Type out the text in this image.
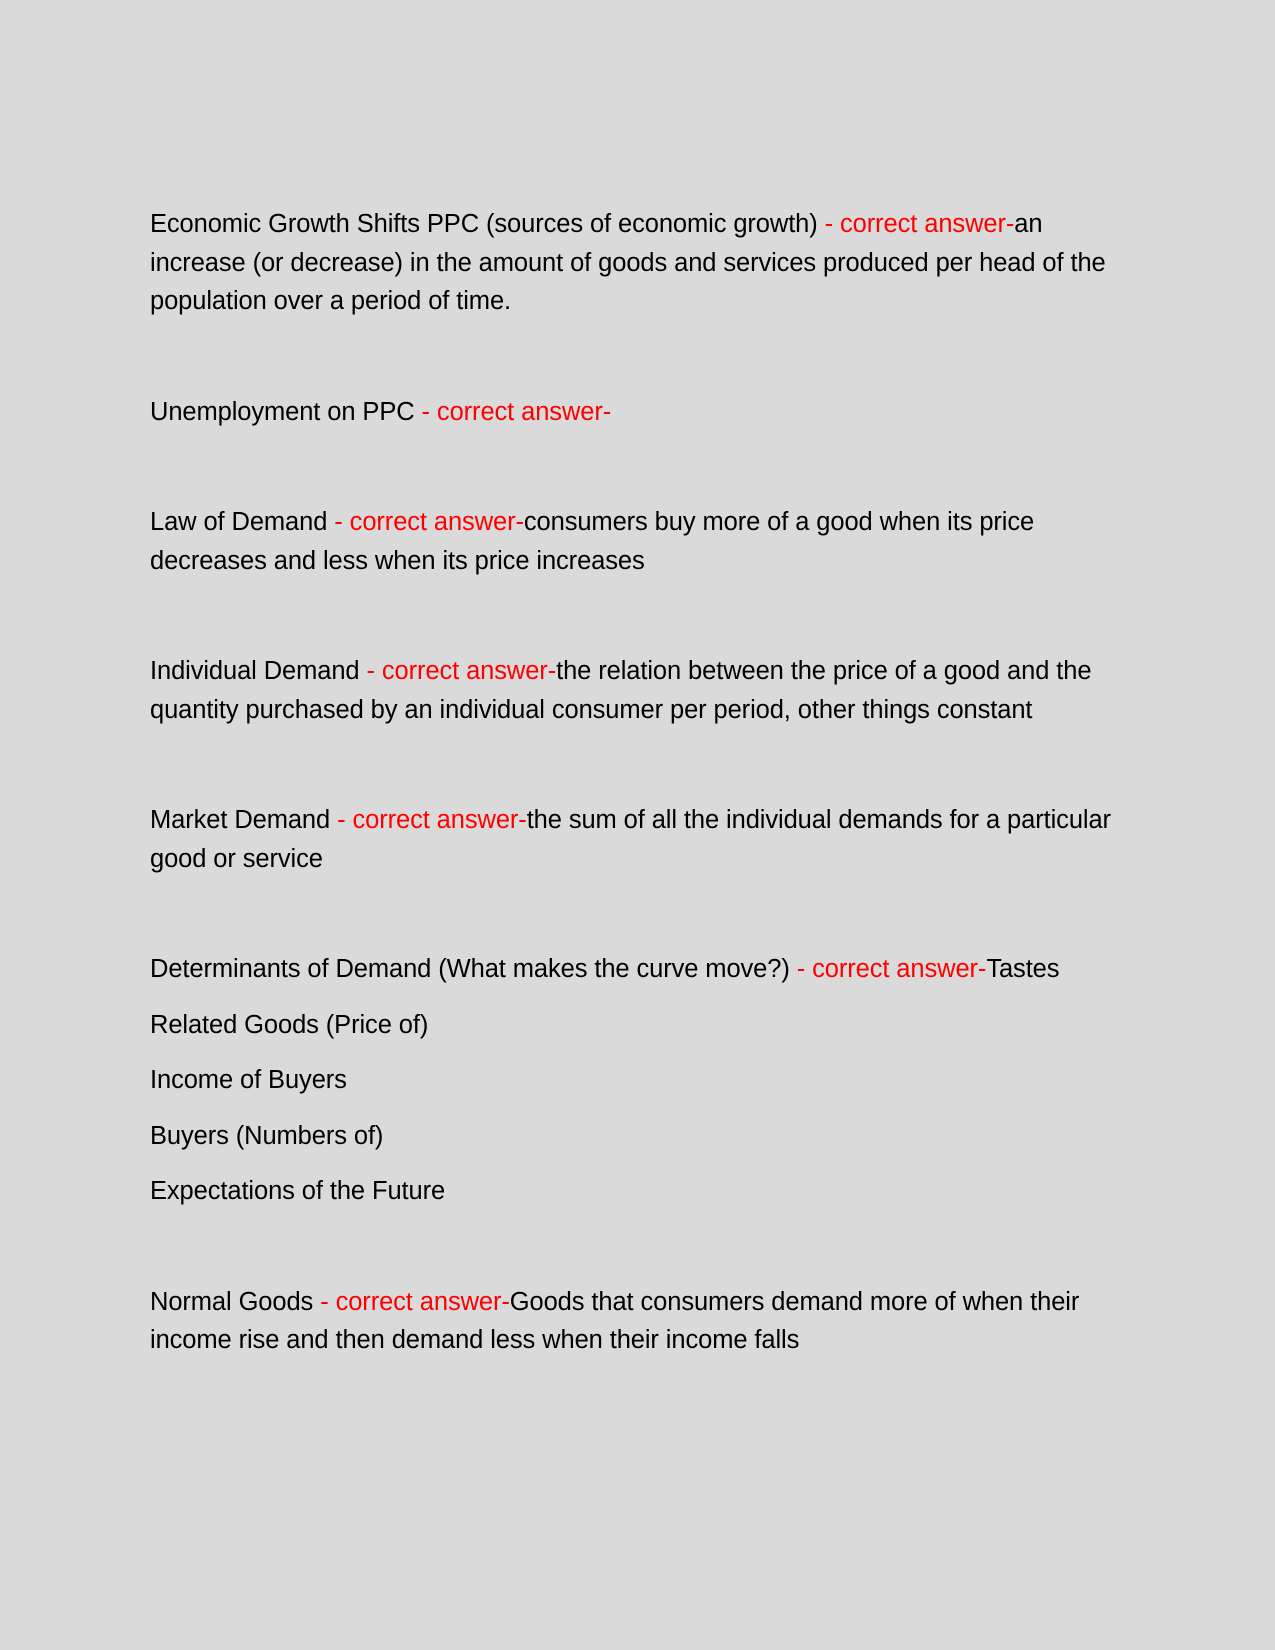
Economic Growth Shifts PPC (sources of economic growth) - correct answer-an increase (or decrease) in the amount of goods and services produced per head of the population over a period of time.

Unemployment on PPC - correct answer-

Law of Demand - correct answer-consumers buy more of a good when its price decreases and less when its price increases

Individual Demand - correct answer-the relation between the price of a good and the quantity purchased by an individual consumer per period, other things constant

Market Demand - correct answer-the sum of all the individual demands for a particular good or service

Determinants of Demand (What makes the curve move?) - correct answer-Tastes
Related Goods (Price of)
Income of Buyers
Buyers (Numbers of)
Expectations of the Future

Normal Goods - correct answer-Goods that consumers demand more of when their income rise and then demand less when their income falls
